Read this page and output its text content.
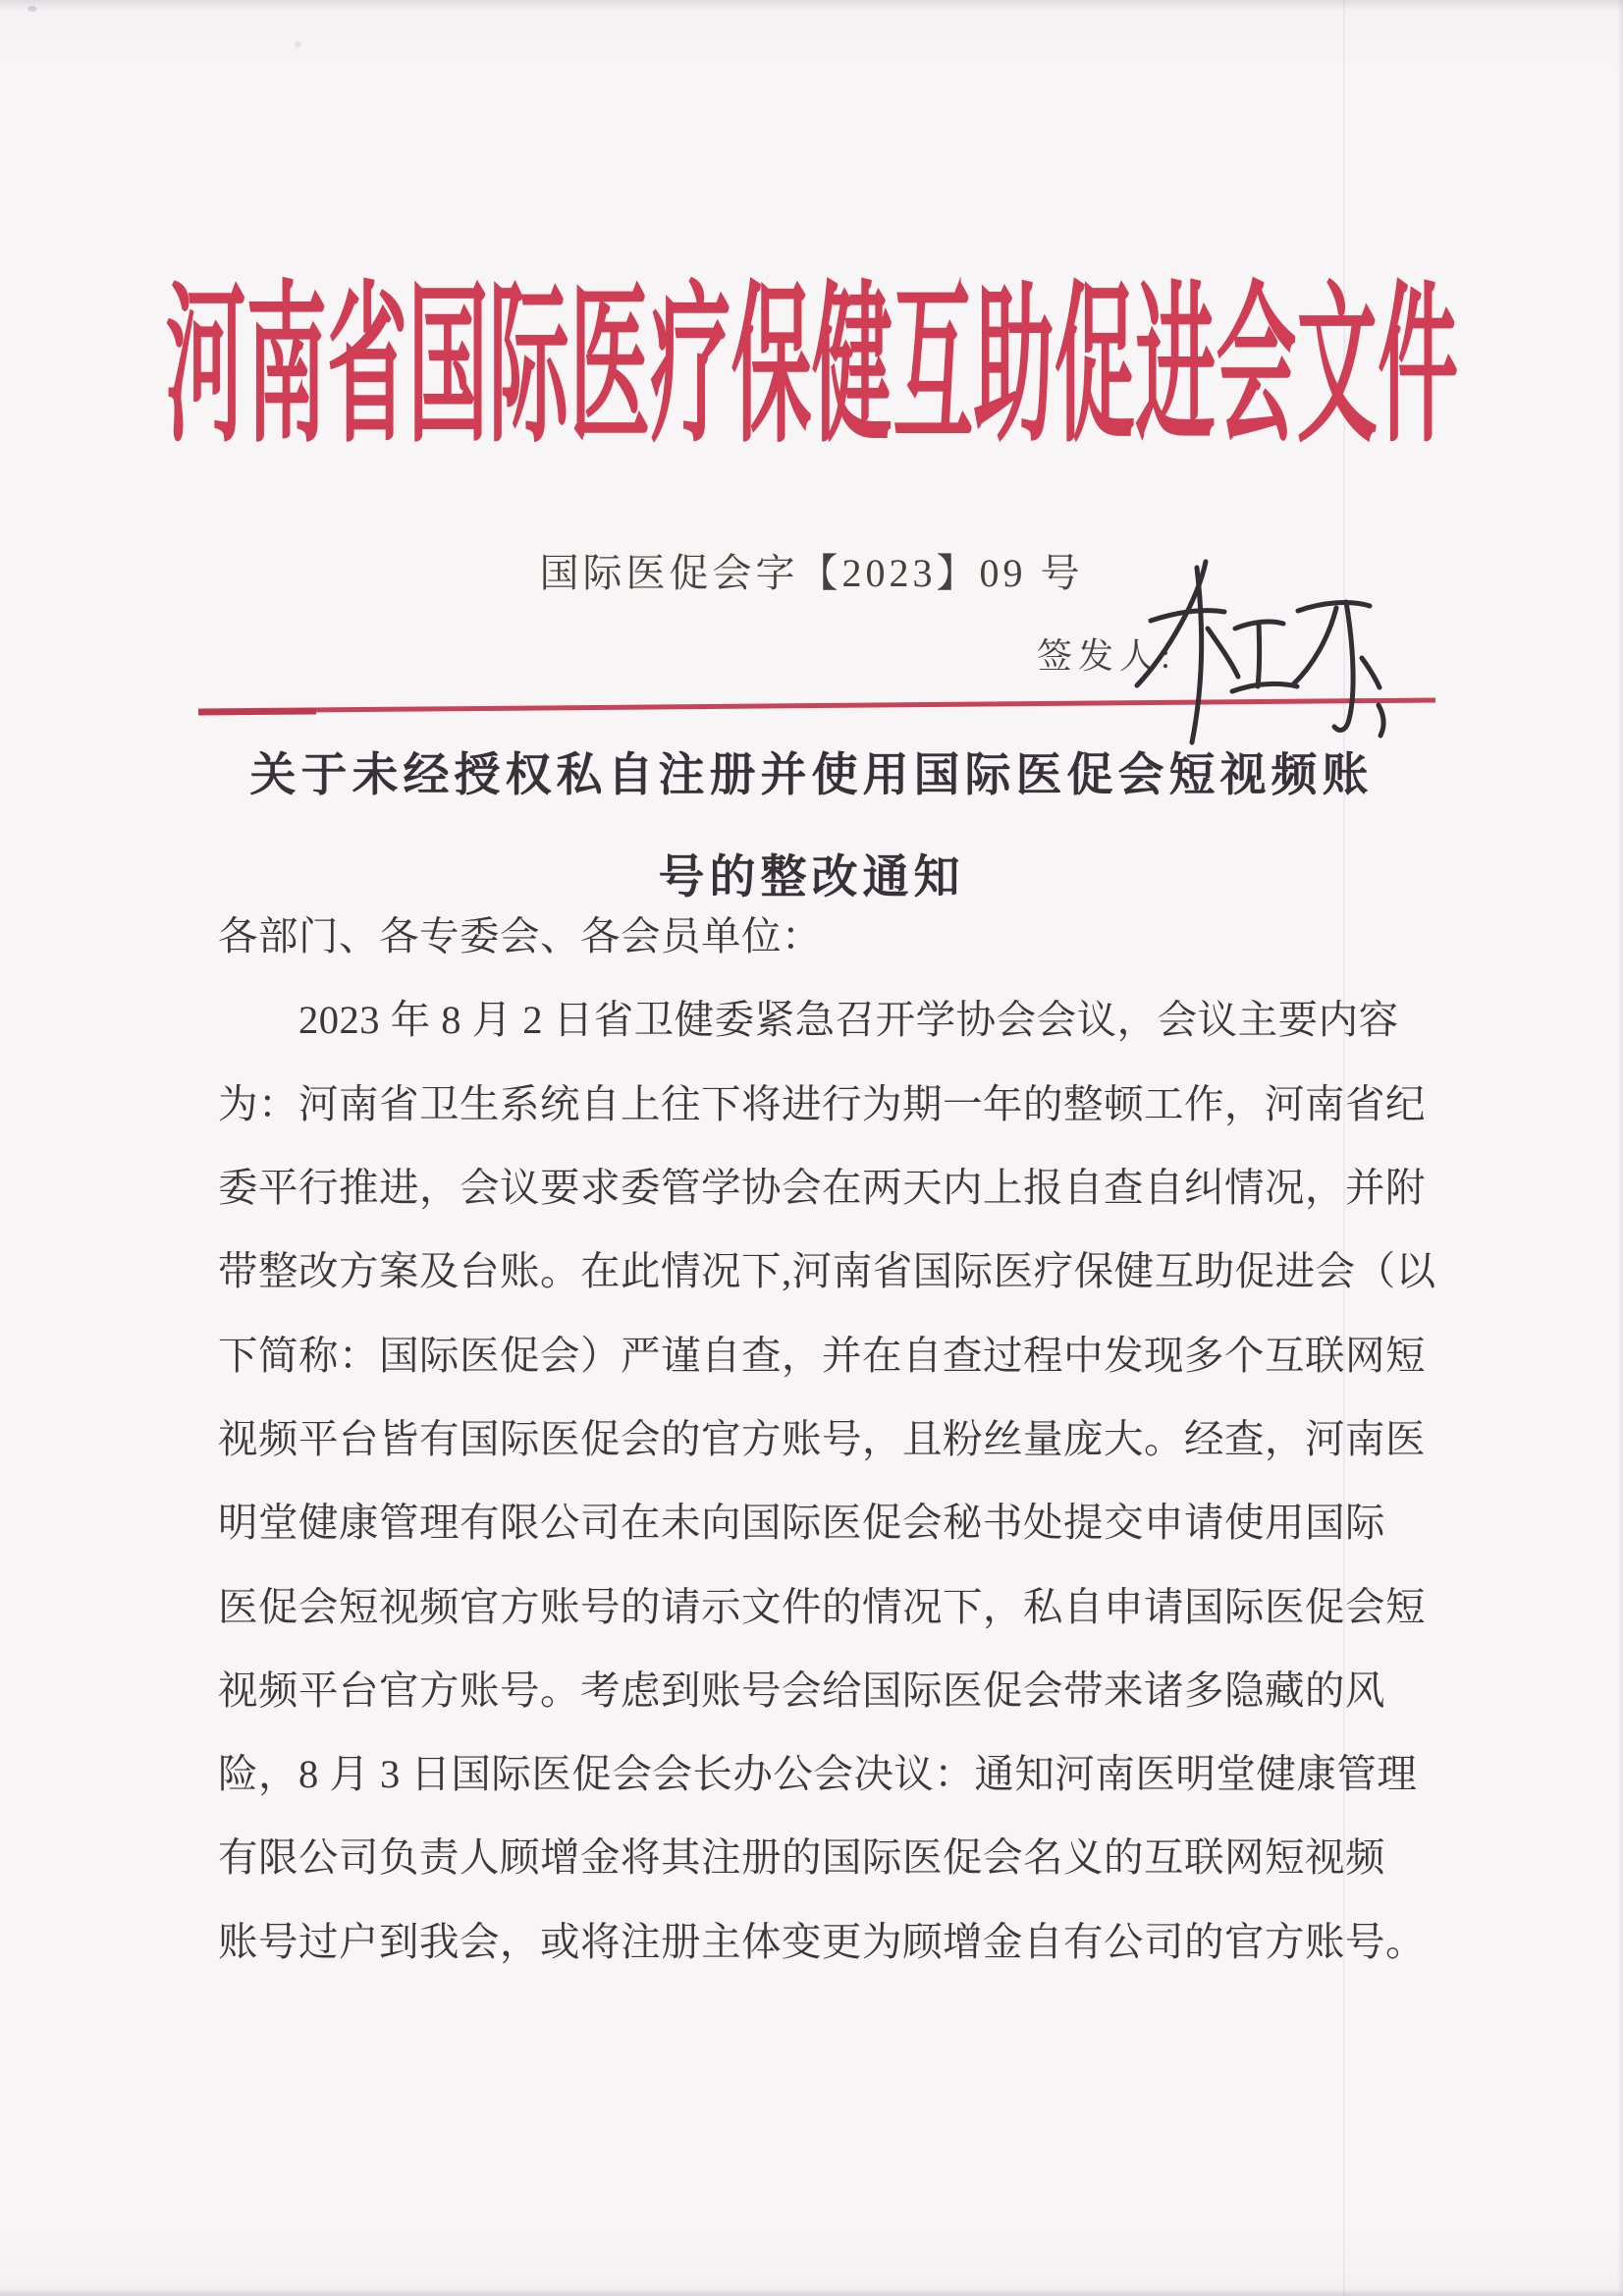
河南省国际医疗保健互助促进会文件
国际医促会字【2023】09 号
签发人:
关于未经授权私自注册并使用国际医促会短视频账
号的整改通知
各部门、各专委会、各会员单位：
　　2023 年 8 月 2 日省卫健委紧急召开学协会会议，会议主要内容
为：河南省卫生系统自上往下将进行为期一年的整顿工作，河南省纪
委平行推进，会议要求委管学协会在两天内上报自查自纠情况，并附
带整改方案及台账。在此情况下,河南省国际医疗保健互助促进会（以
下简称：国际医促会）严谨自查，并在自查过程中发现多个互联网短
视频平台皆有国际医促会的官方账号，且粉丝量庞大。经查，河南医
明堂健康管理有限公司在未向国际医促会秘书处提交申请使用国际
医促会短视频官方账号的请示文件的情况下，私自申请国际医促会短
视频平台官方账号。考虑到账号会给国际医促会带来诸多隐藏的风
险，8 月 3 日国际医促会会长办公会决议：通知河南医明堂健康管理
有限公司负责人顾增金将其注册的国际医促会名义的互联网短视频
账号过户到我会，或将注册主体变更为顾增金自有公司的官方账号。
